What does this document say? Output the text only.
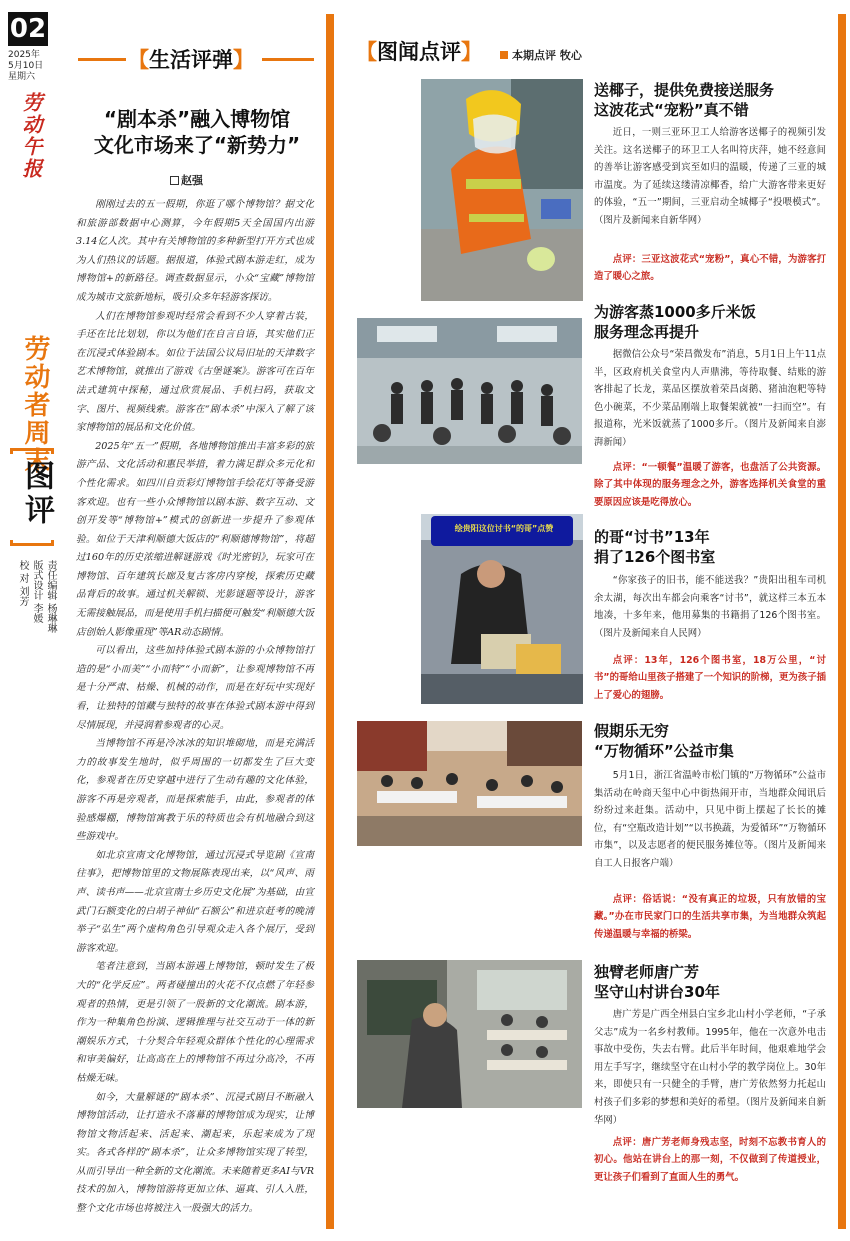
02
2025年
5月10日
星期六
劳动午报
劳动者周末
图评
责任编辑 杨琳琳
版式设计 李媛
校 对 刘芳
【生活评弹】
“剧本杀”融入博物馆
文化市场来了“新势力”
赵强

刚刚过去的五一假期，你逛了哪个博物馆？据文化和旅游部数据中心测算，今年假期5天全国国内出游3.14亿人次。其中有关博物馆的多种新型打开方式也成为人们热议的话题。据报道，体验式剧本游走红，成为博物馆+的新路径。调查数据显示，小众“宝藏”博物馆成为城市文旅新地标，吸引众多年轻游客探访。

人们在博物馆参观时经常会看到不少人穿着古装，手还在比比划划，你以为他们在自言自语，其实他们正在沉浸式体验剧本。如位于法国公议局旧址的天津数字艺术博物馆，就推出了游戏《古堡谜案》。游客可在百年法式建筑中探秘，通过欣赏展品、手机扫码，获取文字、图片、视频线索。游客在“剧本杀”中深入了解了该家博物馆的展品和文化价值。

2025年“五一”假期，各地博物馆推出丰富多彩的旅游产品、文化活动和惠民举措，着力满足群众多元化和个性化需求。如四川自贡彩灯博物馆手绘花灯等备受游客欢迎。也有一些小众博物馆以剧本游、数字互动、文创开发等“博物馆+”模式的创新进一步提升了参观体验。如位于天津利顺德大饭店的“利顺德博物馆”，将超过160年的历史浓缩进解谜游戏《时光密钥》，玩家可在博物馆、百年建筑长廊及复古客房内穿梭，探索历史藏品背后的故事。通过机关解锁、光影谜题等设计，游客无需接触展品，而是使用手机扫描便可触发“利顺德大饭店创始人影像重现”等AR动态剧情。

可以看出，这些加持体验式剧本游的小众博物馆打造的是“小而美”“小而特”“小而新”，让参观博物馆不再是十分严肃、枯燥、机械的动作，而是在好玩中实现好看，让独特的馆藏与独特的故事在体验式剧本游中得到尽情展现，并浸润着参观者的心灵。

当博物馆不再是冷冰冰的知识堆砌地，而是充满活力的故事发生地时，似乎周围的一切都发生了巨大变化，参观者在历史穿越中进行了生动有趣的文化体验，游客不再是旁观者，而是探索能手，由此，参观者的体验感爆棚，博物馆寓教于乐的特质也会有机地融合到这些游戏中。

如北京宣南文化博物馆，通过沉浸式导览剧《宣南往事》，把博物馆里的文物展陈表现出来，以“风声、雨声、读书声——北京宣南士乡历史文化展”为基础，由宣武门石额变化的白胡子神仙“石额公”和进京赶考的晚清举子“弘生”两个虚构角色引导观众走入各个展厅，受到游客欢迎。

笔者注意到，当剧本游遇上博物馆，顿时发生了极大的“化学反应”。两者碰撞出的火花不仅点燃了年轻参观者的热情，更是引领了一股新的文化潮流。剧本游，作为一种集角色扮演、逻辑推理与社交互动于一体的新潮娱乐方式，十分契合年轻观众群体个性化的心理需求和审美偏好，让高高在上的博物馆不再过分高冷，不再枯燥无味。

如今，大量解谜的“剧本杀”、沉浸式剧目不断融入博物馆活动，让打造永不落幕的博物馆成为现实，让博物馆文物活起来、活起来、潮起来，乐起来成为了现实。各式各样的“剧本杀”，让众多博物馆实现了转型，从而引导出一种全新的文化潮流。未来随着更多AI与VR技术的加入，博物馆游将更加立体、逼真、引人入胜，整个文化市场也将被注入一股强大的活力。

【图闻点评】	本期点评 牧心
送椰子，提供免费接送服务
这波花式“宠粉”真不错

近日，一则三亚环卫工人给游客送椰子的视频引发关注。这名送椰子的环卫工人名叫符庆萍，她不经意间的善举让游客感受到宾至如归的温暖，传递了三亚的城市温度。为了延续这缕清凉椰香，给广大游客带来更好的体验，“五一”期间，三亚启动全城椰子“投喂模式”。（图片及新闻来自新华网）

点评：三亚这波花式“宠粉”，真心不错，为游客打造了暖心之旅。
为游客蒸1000多斤米饭
服务理念再提升

据微信公众号“荣昌微发布”消息，5月1日上午11点半，区政府机关食堂内人声鼎沸，等待取餐、结账的游客排起了长龙，菜品区摆放着荣昌卤鹅、猪油泡粑等特色小碗菜，不少菜品刚端上取餐架就被“一扫而空”。有报道称，光米饭就蒸了1000多斤。（图片及新闻来自澎湃新闻）

点评：“一顿餐”温暖了游客，也盘活了公共资源。除了其中体现的服务理念之外，游客选择机关食堂的重要原因应该是吃得放心。
绘贵阳这位讨书“的哥”点赞	的哥“讨书”13年
捐了126个图书室

“你家孩子的旧书，能不能送我？”贵阳出租车司机余太湖，每次出车都会向乘客“讨书”，就这样三本五本地凑，十多年来，他用募集的书籍捐了126个图书室。（图片及新闻来自人民网）

点评：13年，126个图书室，18万公里，“讨书”的哥给山里孩子搭建了一个知识的阶梯，更为孩子插上了爱心的翅膀。
假期乐无穷
“万物循环”公益市集

5月1日，浙江省温岭市松门镇的“万物循环”公益市集活动在岭商天玺中心中街热闹开市，当地群众闻讯后纷纷过来赶集。活动中，只见中街上摆起了长长的摊位，有“空瓶改造计划”“以书换蔬，为爱循环”“万物循环市集”，以及志愿者的便民服务摊位等。（图片及新闻来自工人日报客户端）

点评：俗话说：“没有真正的垃圾，只有放错的宝藏。”办在市民家门口的生活共享市集，为当地群众筑起传递温暖与幸福的桥梁。
独臂老师唐广芳
坚守山村讲台30年

唐广芳是广西全州县白宝乡北山村小学老师，“子承父志”成为一名乡村教师。1995年，他在一次意外电击事故中受伤，失去右臂。此后半年时间，他艰难地学会用左手写字，继续坚守在山村小学的教学岗位上。30年来，即使只有一只健全的手臂，唐广芳依然努力托起山村孩子们多彩的梦想和美好的希望。（图片及新闻来自新华网）

点评：唐广芳老师身残志坚，时刻不忘教书育人的初心。他站在讲台上的那一刻，不仅做到了传道授业，更让孩子们看到了直面人生的勇气。
